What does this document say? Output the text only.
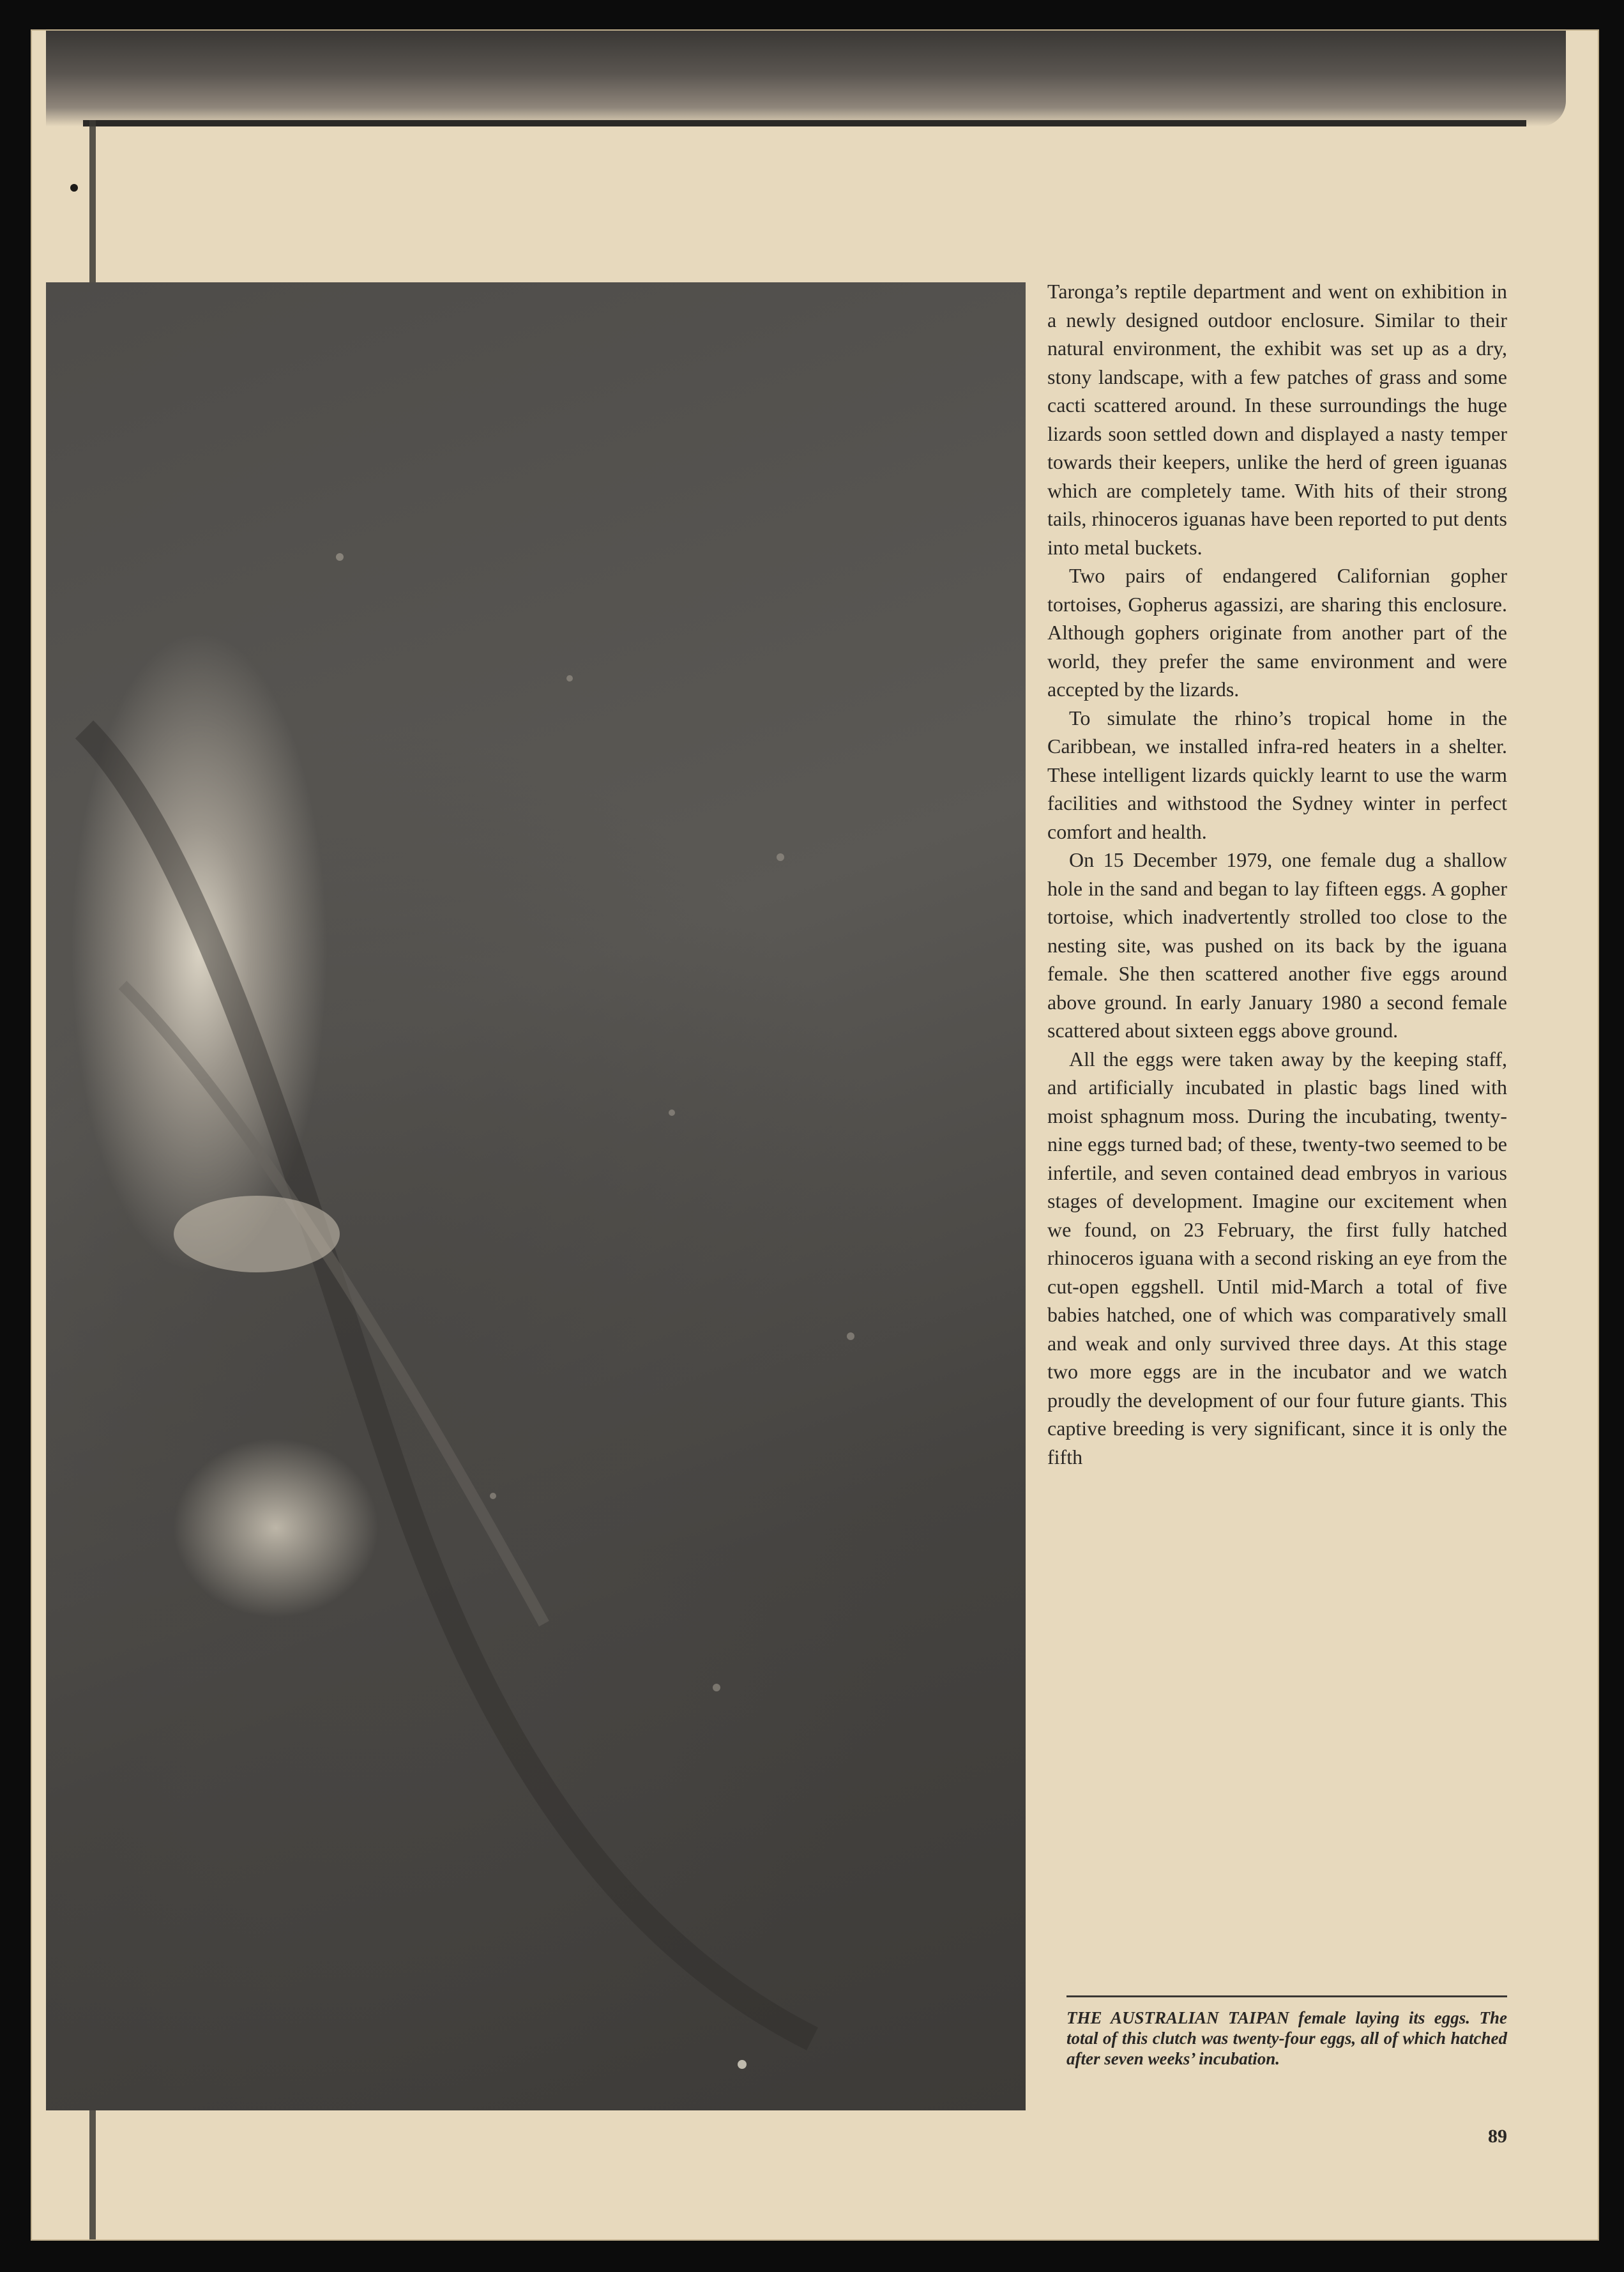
Taronga’s reptile department and went on exhibition in a newly designed outdoor enclosure. Similar to their natural environment, the exhibit was set up as a dry, stony landscape, with a few patches of grass and some cacti scattered around. In these surroundings the huge lizards soon settled down and displayed a nasty temper towards their keepers, unlike the herd of green iguanas which are completely tame. With hits of their strong tails, rhinoceros iguanas have been reported to put dents into metal buckets.

Two pairs of endangered Californian gopher tortoises, Gopherus agassizi, are sharing this enclosure. Although gophers originate from another part of the world, they prefer the same environment and were accepted by the lizards.

To simulate the rhino’s tropical home in the Caribbean, we installed infra-red heaters in a shelter. These intelligent lizards quickly learnt to use the warm facilities and withstood the Sydney winter in perfect comfort and health.

On 15 December 1979, one female dug a shallow hole in the sand and began to lay fifteen eggs. A gopher tortoise, which inadvertently strolled too close to the nesting site, was pushed on its back by the iguana female. She then scattered another five eggs around above ground. In early January 1980 a second female scattered about sixteen eggs above ground.

All the eggs were taken away by the keeping staff, and artificially incubated in plastic bags lined with moist sphagnum moss. During the incubating, twenty-nine eggs turned bad; of these, twenty-two seemed to be infertile, and seven contained dead embryos in various stages of development. Imagine our excitement when we found, on 23 February, the first fully hatched rhinoceros iguana with a second risking an eye from the cut-open eggshell. Until mid-March a total of five babies hatched, one of which was comparatively small and weak and only survived three days. At this stage two more eggs are in the incubator and we watch proudly the development of our four future giants. This captive breeding is very significant, since it is only the fifth

THE AUSTRALIAN TAIPAN female laying its eggs. The total of this clutch was twenty-four eggs, all of which hatched after seven weeks’ incubation.
89
